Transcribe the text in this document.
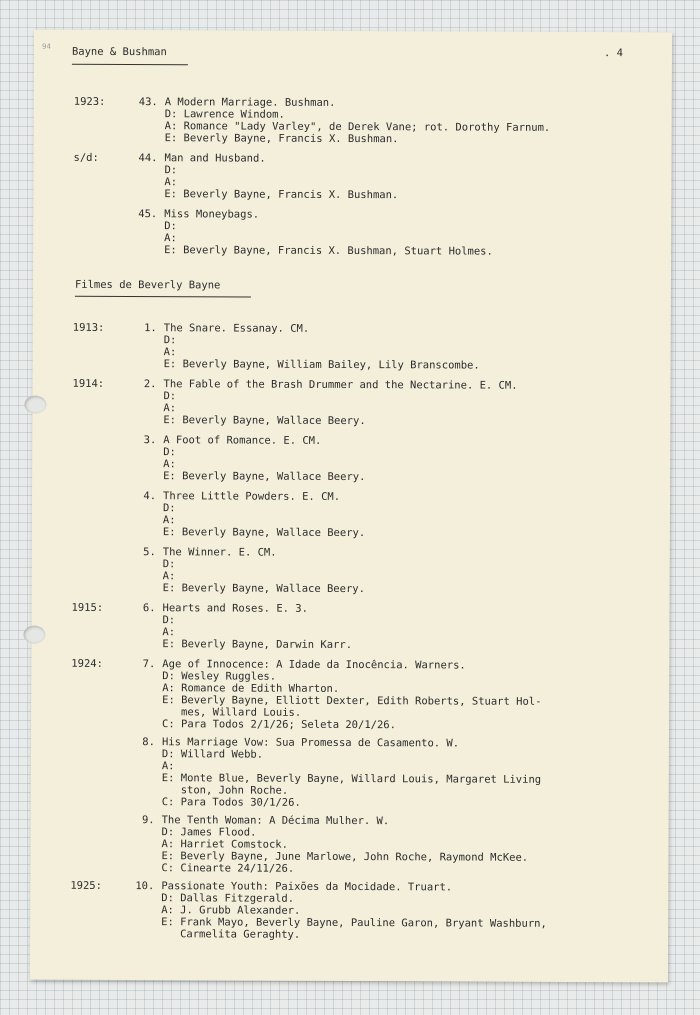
94 Bayne & Bushman	. 4
1923:	43. A Modern Marriage. Bushman.
D: Lawrence Windom.
A: Romance "Lady Varley", de Derek Vane; rot. Dorothy Farnum.
E: Beverly Bayne, Francis X. Bushman.
s/d:	44. Man and Husband.
D:
A:
E: Beverly Bayne, Francis X. Bushman.
45. Miss Moneybags.
D:
A:
E: Beverly Bayne, Francis X. Bushman, Stuart Holmes.
Filmes de Beverly Bayne
1913:	1. The Snare. Essanay. CM.
D:
A:
E: Beverly Bayne, William Bailey, Lily Branscombe.
1914:	2. The Fable of the Brash Drummer and the Nectarine. E. CM.
D:
A:
E: Beverly Bayne, Wallace Beery.
3. A Foot of Romance. E. CM.
D:
A:
E: Beverly Bayne, Wallace Beery.
4. Three Little Powders. E. CM.
D:
A:
E: Beverly Bayne, Wallace Beery.
5. The Winner. E. CM.
D:
A:
E: Beverly Bayne, Wallace Beery.
1915:	6. Hearts and Roses. E. 3.
D:
A:
E: Beverly Bayne, Darwin Karr.
1924:	7. Age of Innocence: A Idade da Inocência. Warners.
D: Wesley Ruggles.
A: Romance de Edith Wharton.
E: Beverly Bayne, Elliott Dexter, Edith Roberts, Stuart Hol-
mes, Willard Louis.
C: Para Todos 2/1/26; Seleta 20/1/26.
8. His Marriage Vow: Sua Promessa de Casamento. W.
D: Willard Webb.
A:
E: Monte Blue, Beverly Bayne, Willard Louis, Margaret Living
ston, John Roche.
C: Para Todos 30/1/26.
9. The Tenth Woman: A Décima Mulher. W.
D: James Flood.
A: Harriet Comstock.
E: Beverly Bayne, June Marlowe, John Roche, Raymond McKee.
C: Cinearte 24/11/26.
1925:	10. Passionate Youth: Paixões da Mocidade. Truart.
D: Dallas Fitzgerald.
A: J. Grubb Alexander.
E: Frank Mayo, Beverly Bayne, Pauline Garon, Bryant Washburn,
Carmelita Geraghty.
